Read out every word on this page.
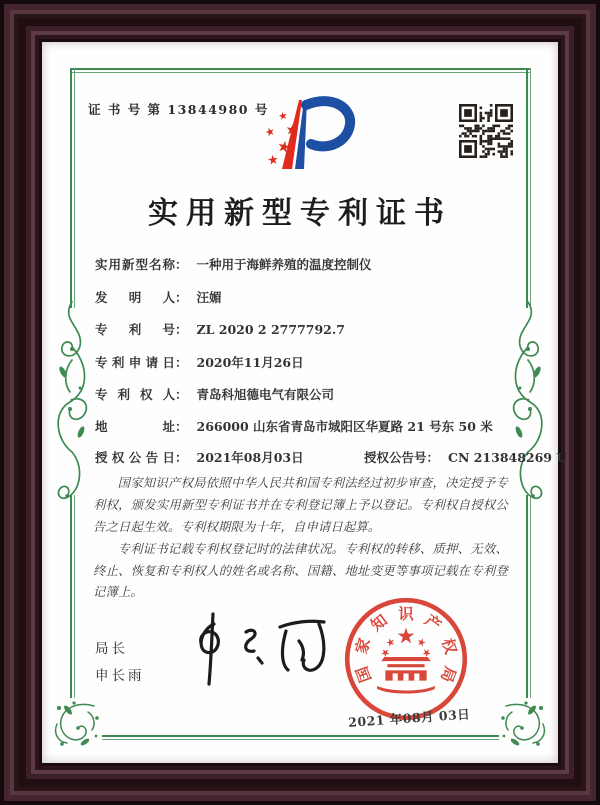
证 书 号 第 13844980 号
实用新型专利证书
实用新型名称： 一种用于海鲜养殖的温度控制仪
发明人： 汪媚
专利号： ZL 2020 2 2777792.7
专利申请日： 2020年11月26日
专利权人： 青岛科旭德电气有限公司
地址： 266000 山东省青岛市城阳区华夏路 21 号东 50 米
授权公告日： 2021年08月03日	授权公告号： CN 213848269 U

国家知识产权局依照中华人民共和国专利法经过初步审查，决定授予专利权，颁发实用新型专利证书并在专利登记簿上予以登记。专利权自授权公告之日起生效。专利权期限为十年，自申请日起算。

专利证书记载专利权登记时的法律状况。专利权的转移、质押、无效、终止、恢复和专利权人的姓名或名称、国籍、地址变更等事项记载在专利登记簿上。

局长
申长雨	国
家
知 识 产
权
局
2021 年08月 03日
